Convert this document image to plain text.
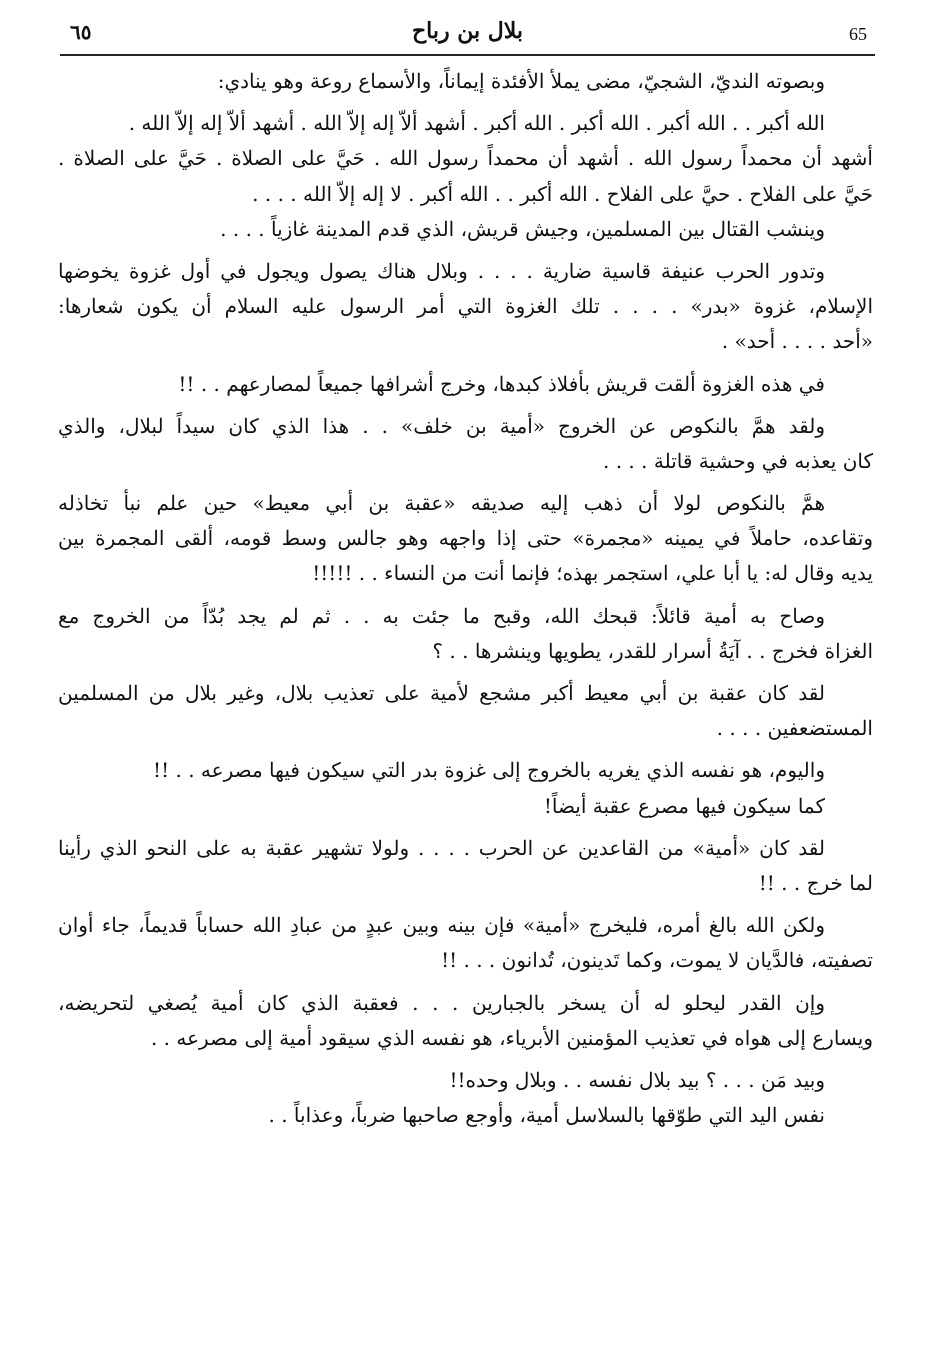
٦٥	بلال بن رباح	65
وبصوته النديّ، الشجيّ، مضى يملأ الأفئدة إيماناً، والأسماع روعة وهو ينادي:
الله أكبر . . الله أكبر . الله أكبر . الله أكبر . أشهد ألاّ إله إلاّ الله . أشهد ألاّ إله إلاّ الله .
أشهد أن محمداً رسول الله . أشهد أن محمداً رسول الله . حَيَّ على الصلاة . حَيَّ على الصلاة .
حَيَّ على الفلاح . حيَّ على الفلاح . الله أكبر . . الله أكبر . لا إله إلاّ الله . . . .
وينشب القتال بين المسلمين، وجيش قريش، الذي قدم المدينة غازياً . . . .
وتدور الحرب عنيفة قاسية ضارية . . . . وبلال هناك يصول ويجول في أول غزوة يخوضها
الإسلام، غزوة «بدر» . . . . تلك الغزوة التي أمر الرسول عليه السلام أن يكون شعارها:
«أحد . . . . أحد» .
في هذه الغزوة ألقت قريش بأفلاذ كبدها، وخرج أشرافها جميعاً لمصارعهم . . !!
ولقد همَّ بالنكوص عن الخروج «أمية بن خلف» . . هذا الذي كان سيداً لبلال، والذي
كان يعذبه في وحشية قاتلة . . . .
همَّ بالنكوص لولا أن ذهب إليه صديقه «عقبة بن أبي معيط» حين علم نبأ تخاذله
وتقاعده، حاملاً في يمينه «مجمرة» حتى إذا واجهه وهو جالس وسط قومه، ألقى المجمرة بين
يديه وقال له: يا أبا علي، استجمر بهذه؛ فإنما أنت من النساء . . !!!!!
وصاح به أمية قائلاً: قبحك الله، وقبح ما جئت به . . ثم لم يجد بُدّاً من الخروج مع
الغزاة فخرج . . آيَةُ أسرار للقدر، يطويها وينشرها . . ؟
لقد كان عقبة بن أبي معيط أكبر مشجع لأمية على تعذيب بلال، وغير بلال من المسلمين
المستضعفين . . . .
واليوم، هو نفسه الذي يغريه بالخروج إلى غزوة بدر التي سيكون فيها مصرعه . . !!
كما سيكون فيها مصرع عقبة أيضاً!
لقد كان «أمية» من القاعدين عن الحرب . . . . ولولا تشهير عقبة به على النحو الذي رأينا
لما خرج . . !!
ولكن الله بالغ أمره، فليخرج «أمية» فإن بينه وبين عبدٍ من عبادِ الله حساباً قديماً، جاء أوان
تصفيته، فالدَّيان لا يموت، وكما تَدينون، تُدانون . . . !!
وإن القدر ليحلو له أن يسخر بالجبارين . . . فعقبة الذي كان أمية يُصغي لتحريضه،
ويسارع إلى هواه في تعذيب المؤمنين الأبرياء، هو نفسه الذي سيقود أمية إلى مصرعه . .
وبيد مَن . . . ؟ بيد بلال نفسه . . وبلال وحده!!
نفس اليد التي طوّقها بالسلاسل أمية، وأوجع صاحبها ضرباً، وعذاباً . .
